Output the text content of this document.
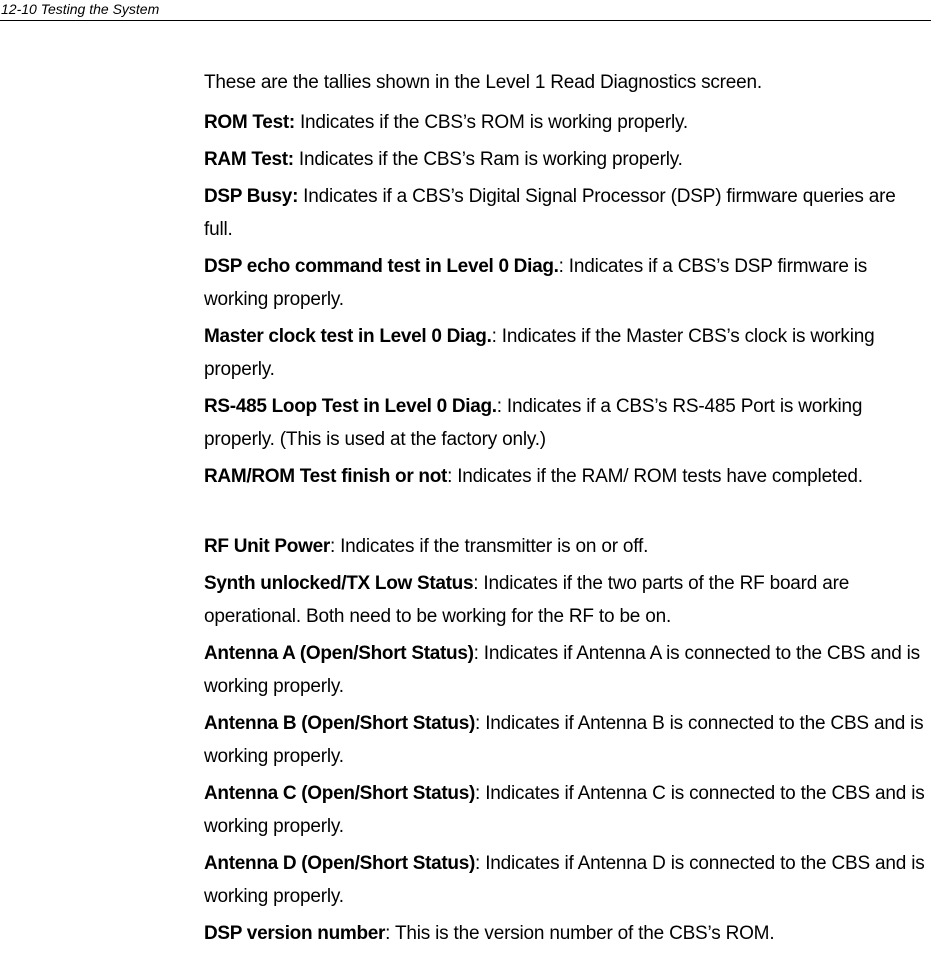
12-10 Testing the System

These are the tallies shown in the Level 1 Read Diagnostics screen.

ROM Test: Indicates if the CBS’s ROM is working properly.

RAM Test: Indicates if the CBS’s Ram is working properly.

DSP Busy: Indicates if a CBS’s Digital Signal Processor (DSP) firmware queries are full.

DSP echo command test in Level 0 Diag.: Indicates if a CBS’s DSP firmware is working properly.

Master clock test in Level 0 Diag.: Indicates if the Master CBS’s clock is working properly.

RS-485 Loop Test in Level 0 Diag.: Indicates if a CBS’s RS-485 Port is working properly. (This is used at the factory only.)

RAM/ROM Test finish or not: Indicates if the RAM/ ROM tests have completed.

RF Unit Power: Indicates if the transmitter is on or off.

Synth unlocked/TX Low Status: Indicates if the two parts of the RF board are operational. Both need to be working for the RF to be on.

Antenna A (Open/Short Status): Indicates if Antenna A is connected to the CBS and is working properly.

Antenna B (Open/Short Status): Indicates if Antenna B is connected to the CBS and is working properly.

Antenna C (Open/Short Status): Indicates if Antenna C is connected to the CBS and is working properly.

Antenna D (Open/Short Status): Indicates if Antenna D is connected to the CBS and is working properly.

DSP version number: This is the version number of the CBS’s ROM.
